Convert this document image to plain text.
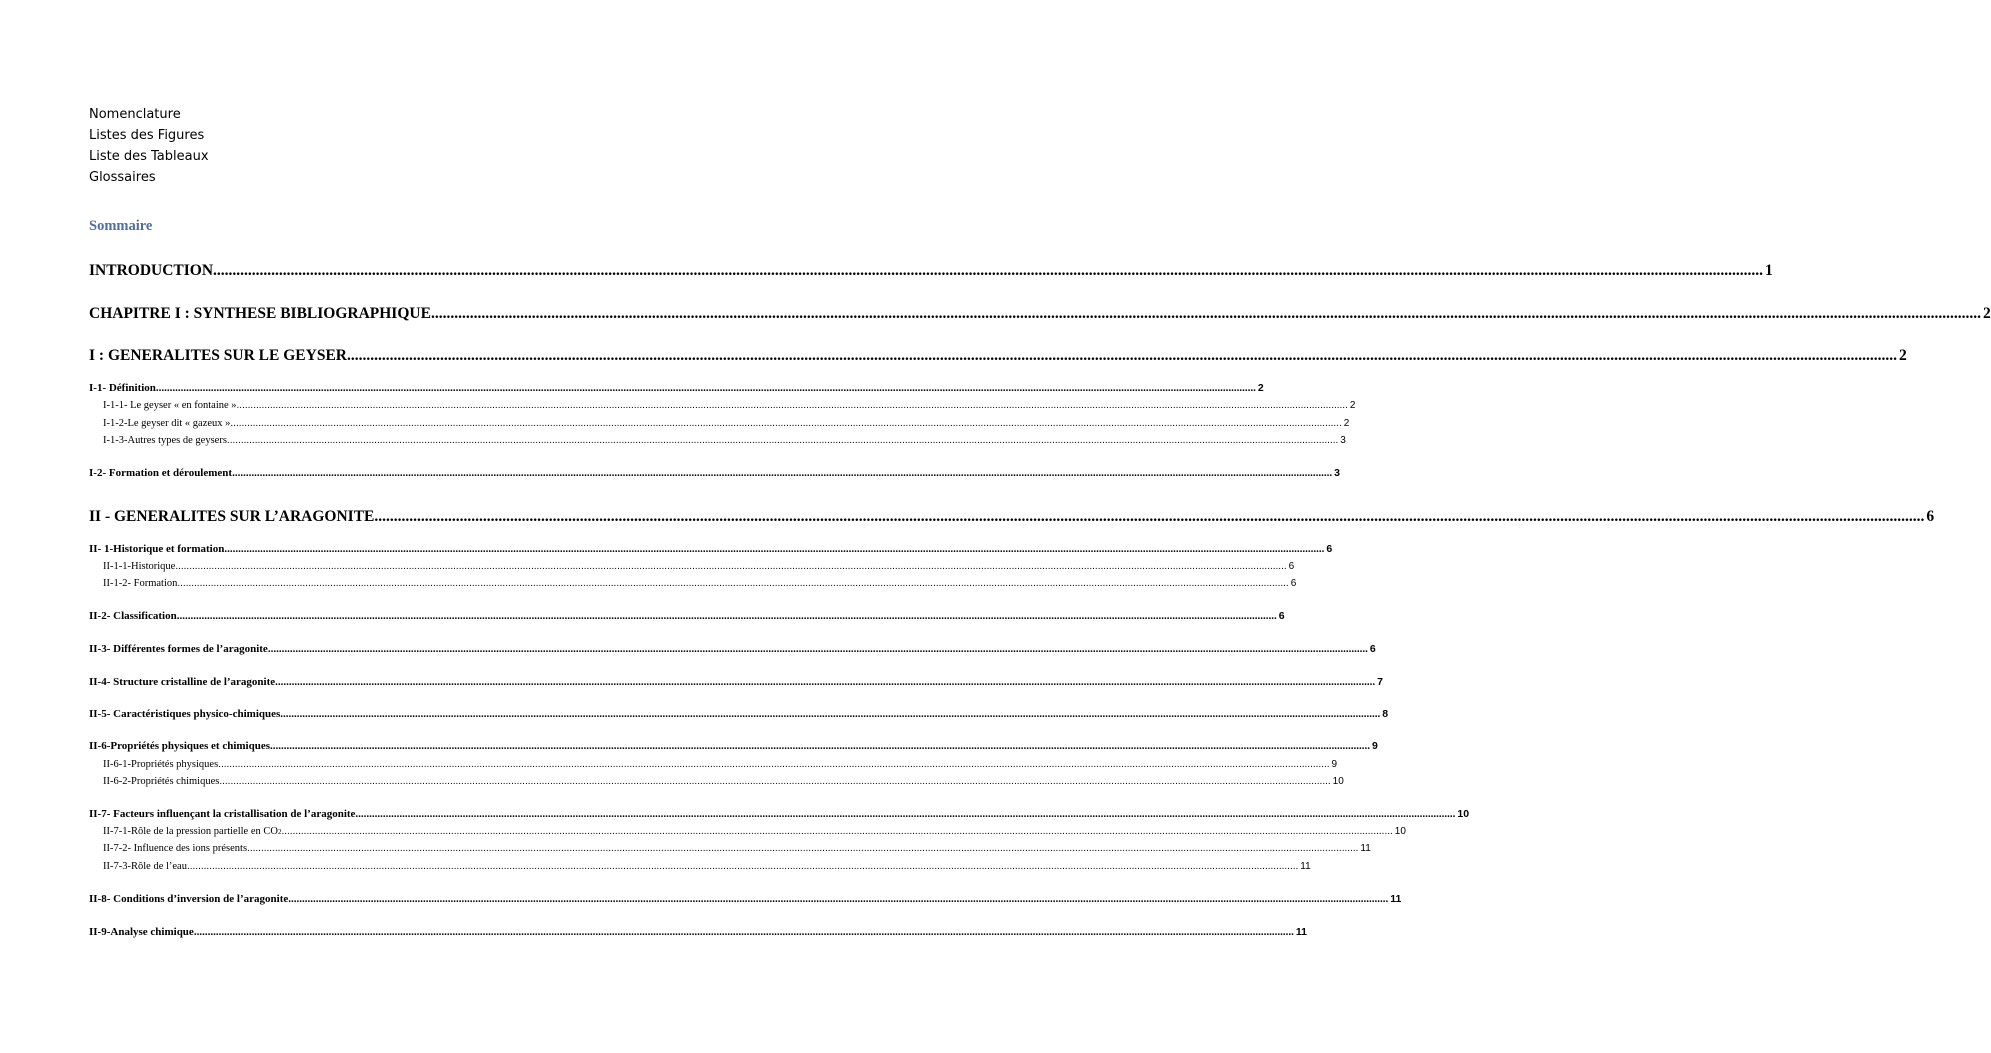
Nomenclature
Listes des Figures
Liste des Tableaux
Glossaires
Sommaire
INTRODUCTION ................................................................................................................................................................................................................................................................................................................................................................................................................ 1
CHAPITRE I : SYNTHESE BIBLIOGRAPHIQUE ................................................................................................................................................................................................................................................................................................................................................................................................................ 2
I : GENERALITES SUR LE GEYSER ................................................................................................................................................................................................................................................................................................................................................................................................................ 2
I-1- Définition ................................................................................................................................................................................................................................................................................................................................................................................................................ 2
I-1-1- Le geyser « en fontaine » ................................................................................................................................................................................................................................................................................................................................................................................................................ 2
I-1-2-Le geyser dit « gazeux » ................................................................................................................................................................................................................................................................................................................................................................................................................ 2
I-1-3-Autres types de geysers ................................................................................................................................................................................................................................................................................................................................................................................................................ 3
I-2- Formation et déroulement ................................................................................................................................................................................................................................................................................................................................................................................................................ 3
II - GENERALITES SUR L’ARAGONITE ................................................................................................................................................................................................................................................................................................................................................................................................................ 6
II- 1-Historique et formation ................................................................................................................................................................................................................................................................................................................................................................................................................ 6
II-1-1- Historique ................................................................................................................................................................................................................................................................................................................................................................................................................ 6
II-1-2- Formation ................................................................................................................................................................................................................................................................................................................................................................................................................ 6
II-2- Classification ................................................................................................................................................................................................................................................................................................................................................................................................................ 6
II-3- Différentes formes de l’aragonite ................................................................................................................................................................................................................................................................................................................................................................................................................ 6
II-4- Structure cristalline de l’aragonite ................................................................................................................................................................................................................................................................................................................................................................................................................ 7
II-5- Caractéristiques physico-chimiques ................................................................................................................................................................................................................................................................................................................................................................................................................ 8
II-6-Propriétés physiques et chimiques ................................................................................................................................................................................................................................................................................................................................................................................................................ 9
II-6-1-Propriétés physiques ................................................................................................................................................................................................................................................................................................................................................................................................................ 9
II-6-2-Propriétés chimiques ................................................................................................................................................................................................................................................................................................................................................................................................................ 10
II-7- Facteurs influençant la cristallisation de l’aragonite ................................................................................................................................................................................................................................................................................................................................................................................................................ 10
II-7-1-Rôle de la pression partielle en CO 2 ................................................................................................................................................................................................................................................................................................................................................................................................................ 10
II-7-2- Influence des ions présents ................................................................................................................................................................................................................................................................................................................................................................................................................ 11
II-7-3-Rôle de l’eau ................................................................................................................................................................................................................................................................................................................................................................................................................ 11
II-8- Conditions d’inversion de l’aragonite ................................................................................................................................................................................................................................................................................................................................................................................................................ 11
II-9-Analyse chimique ................................................................................................................................................................................................................................................................................................................................................................................................................ 11
